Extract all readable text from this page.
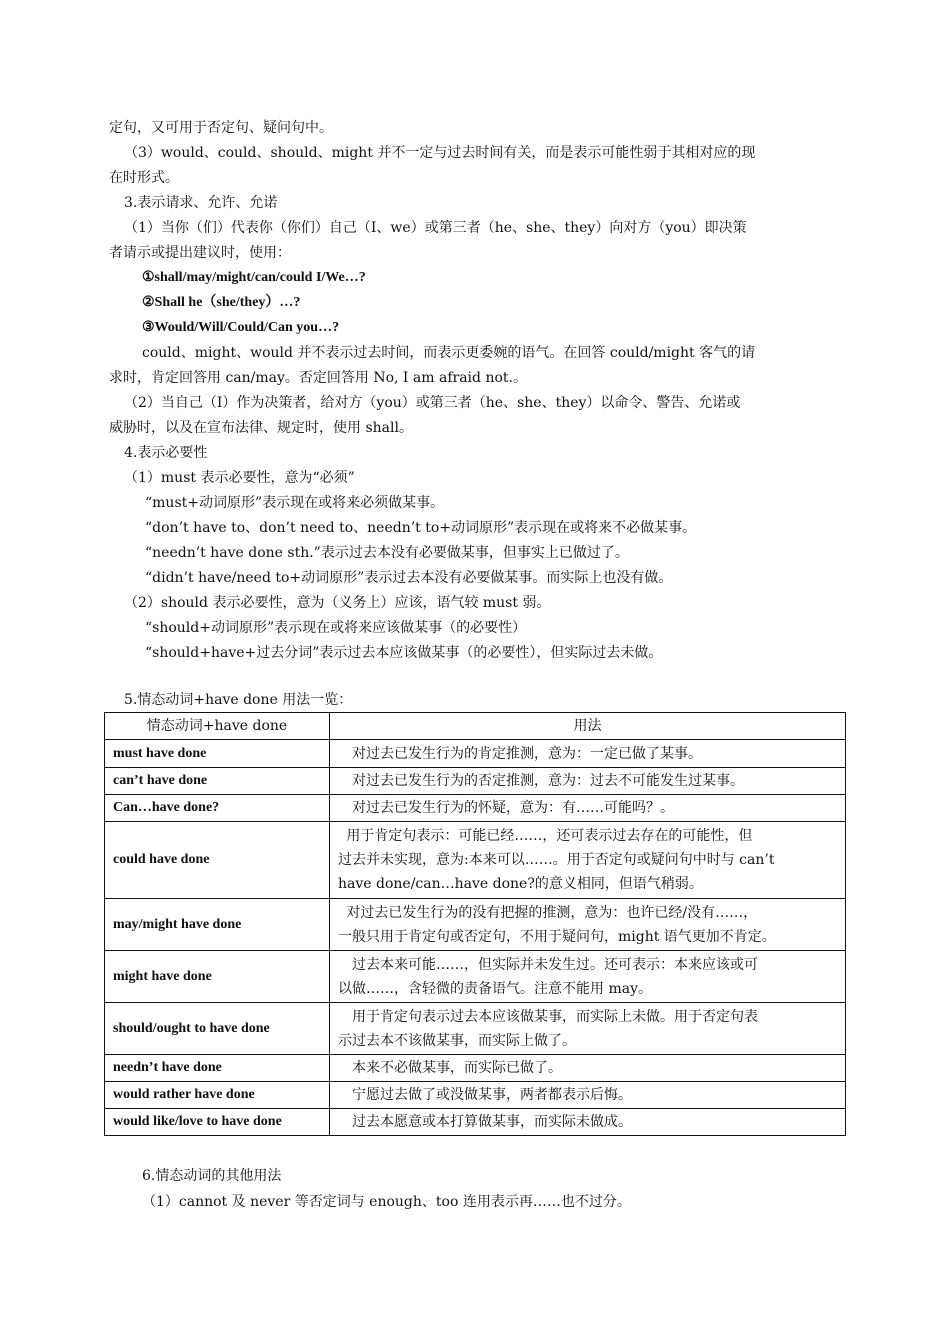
定句，又可用于否定句、疑问句中。
（3）would、could、should、might 并不一定与过去时间有关，而是表示可能性弱于其相对应的现
在时形式。
3.表示请求、允许、允诺
（1）当你（们）代表你（你们）自己（I、we）或第三者（he、she、they）向对方（you）即决策
者请示或提出建议时，使用：
①shall/may/might/can/could I/We…?
②Shall he（she/they）…?
③Would/Will/Could/Can you…?
could、might、would 并不表示过去时间，而表示更委婉的语气。在回答 could/might 客气的请
求时，肯定回答用 can/may。否定回答用 No, I am afraid not.。
（2）当自己（I）作为决策者，给对方（you）或第三者（he、she、they）以命令、警告、允诺或
威胁时，以及在宣布法律、规定时，使用 shall。
4.表示必要性
（1）must 表示必要性，意为“必须”
“must+动词原形”表示现在或将来必须做某事。
“don’t have to、don’t need to、needn’t to+动词原形”表示现在或将来不必做某事。
“needn’t have done sth.”表示过去本没有必要做某事，但事实上已做过了。
“didn’t have/need to+动词原形”表示过去本没有必要做某事。而实际上也没有做。
（2）should 表示必要性，意为（义务上）应该，语气较 must 弱。
“should+动词原形”表示现在或将来应该做某事（的必要性）
“should+have+过去分词”表示过去本应该做某事（的必要性），但实际过去未做。
5.情态动词+have done 用法一览：
情态动词+have done	用法
must have done	对过去已发生行为的肯定推测，意为：一定已做了某事。

can’t have done	对过去已发生行为的否定推测，意为：过去不可能发生过某事。

Can…have done?	对过去已发生行为的怀疑，意为：有……可能吗？。

could have done	用于肯定句表示：可能已经……，还可表示过去存在的可能性，但
过去并未实现，意为:本来可以……。用于否定句或疑问句中时与 can’t
have done/can…have done?的意义相同，但语气稍弱。

may/might have done	对过去已发生行为的没有把握的推测，意为：也许已经/没有……，
一般只用于肯定句或否定句，不用于疑问句，might 语气更加不肯定。

might have done	过去本来可能……，但实际并未发生过。还可表示：本来应该或可
以做……，含轻微的责备语气。注意不能用 may。

should/ought to have done	用于肯定句表示过去本应该做某事，而实际上未做。用于否定句表
示过去本不该做某事，而实际上做了。

needn’t have done	本来不必做某事，而实际已做了。

would rather have done	宁愿过去做了或没做某事，两者都表示后悔。

would like/love to have done	过去本愿意或本打算做某事，而实际未做成。
6.情态动词的其他用法
（1）cannot 及 never 等否定词与 enough、too 连用表示再……也不过分。
